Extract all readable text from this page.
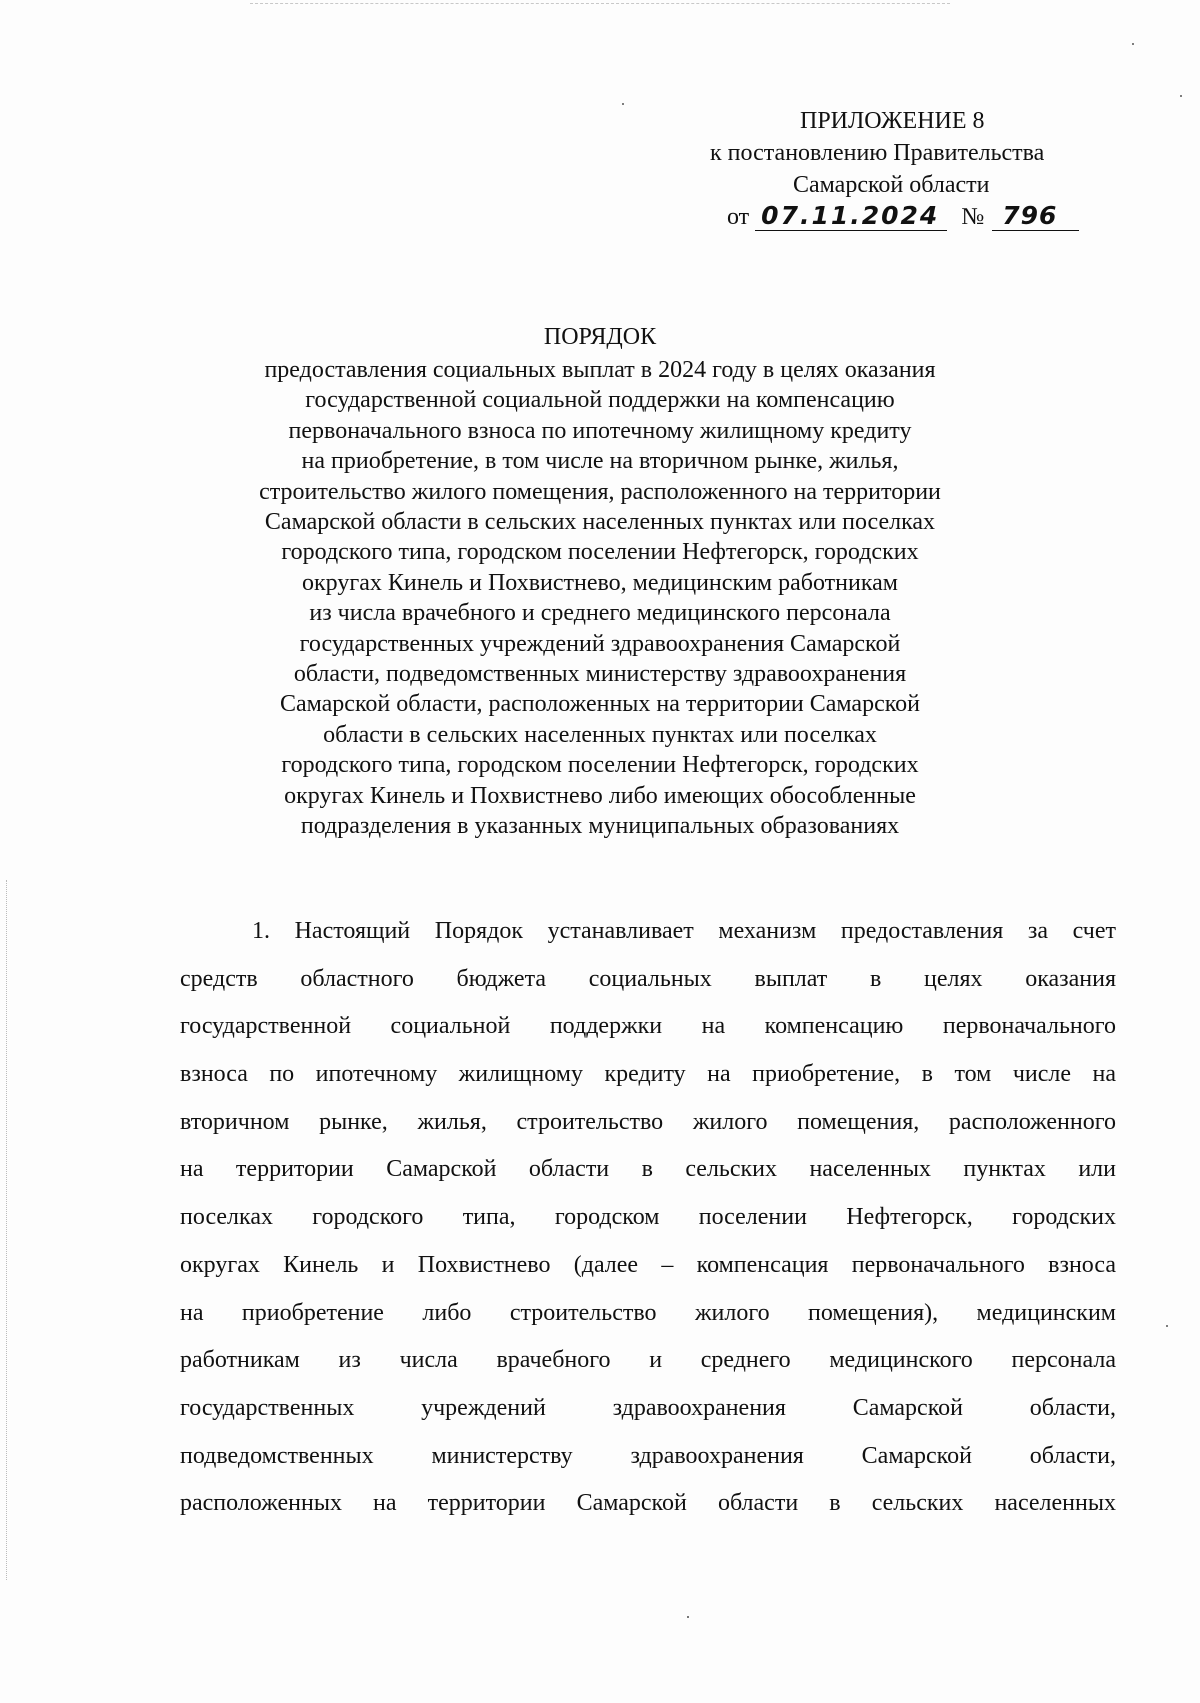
ПРИЛОЖЕНИЕ 8
к постановлению Правительства
Самарской области
от 07.11.2024 № 796
ПОРЯДОК
предоставления социальных выплат в 2024 году в целях оказания
государственной социальной поддержки на компенсацию
первоначального взноса по ипотечному жилищному кредиту
на приобретение, в том числе на вторичном рынке, жилья,
строительство жилого помещения, расположенного на территории
Самарской области в сельских населенных пунктах или поселках
городского типа, городском поселении Нефтегорск, городских
округах Кинель и Похвистнево, медицинским работникам
из числа врачебного и среднего медицинского персонала
государственных учреждений здравоохранения Самарской
области, подведомственных министерству здравоохранения
Самарской области, расположенных на территории Самарской
области в сельских населенных пунктах или поселках
городского типа, городском поселении Нефтегорск, городских
округах Кинель и Похвистнево либо имеющих обособленные
подразделения в указанных муниципальных образованиях
1. Настоящий Порядок устанавливает механизм предоставления за счет
средств областного бюджета социальных выплат в целях оказания
государственной социальной поддержки на компенсацию первоначального
взноса по ипотечному жилищному кредиту на приобретение, в том числе на
вторичном рынке, жилья, строительство жилого помещения, расположенного
на территории Самарской области в сельских населенных пунктах или
поселках городского типа, городском поселении Нефтегорск, городских
округах Кинель и Похвистнево (далее – компенсация первоначального взноса
на приобретение либо строительство жилого помещения), медицинским
работникам из числа врачебного и среднего медицинского персонала
государственных учреждений здравоохранения Самарской области,
подведомственных министерству здравоохранения Самарской области,
расположенных на территории Самарской области в сельских населенных
